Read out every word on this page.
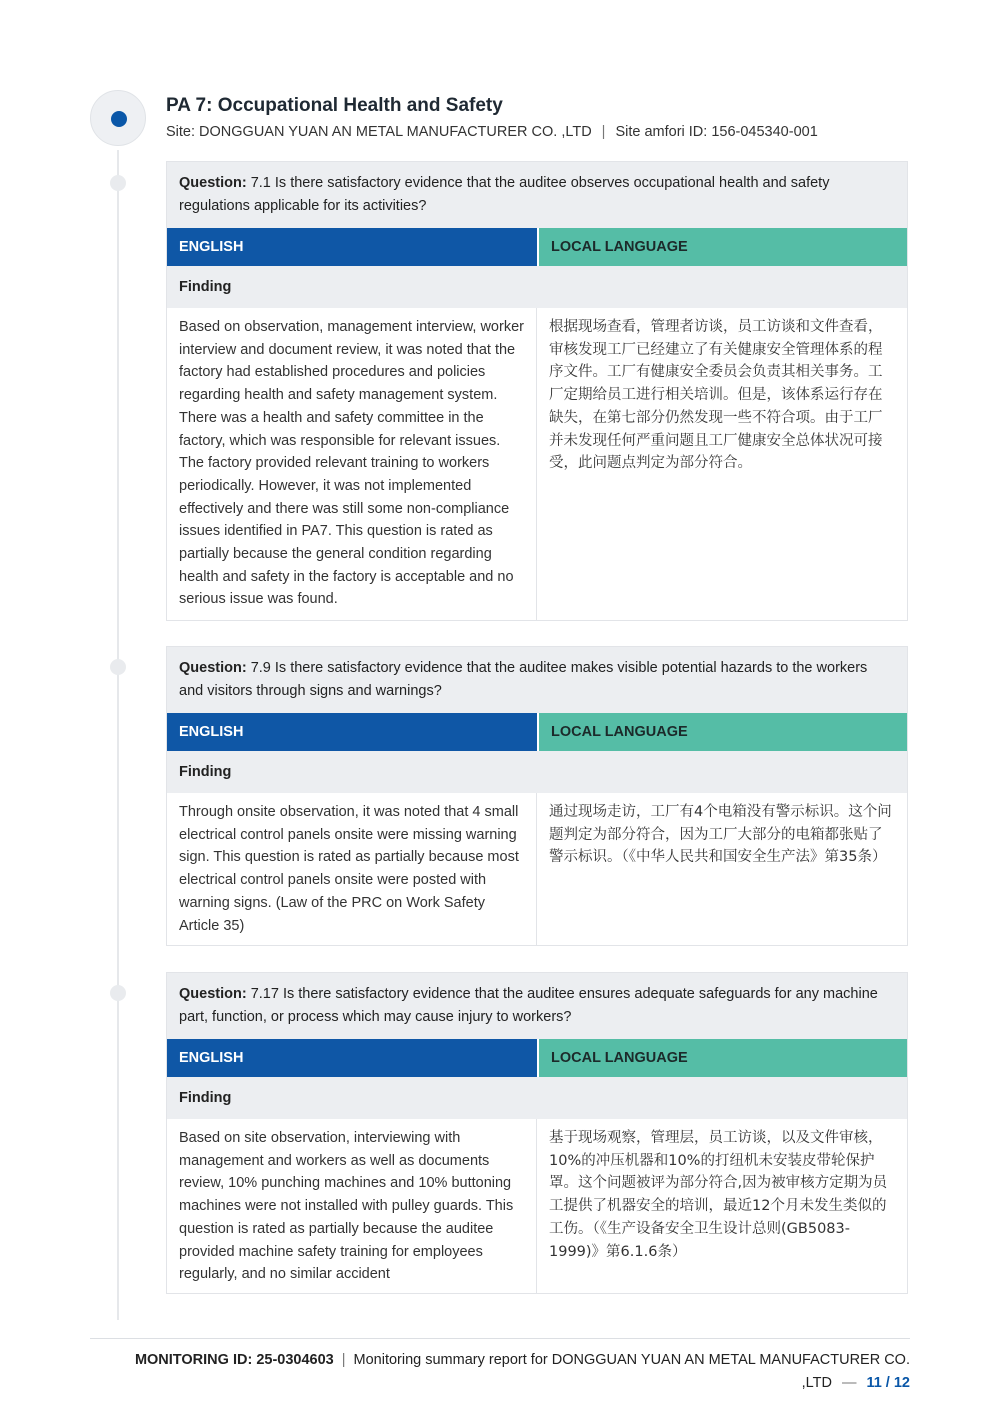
PA 7: Occupational Health and Safety
Site: DONGGUAN YUAN AN METAL MANUFACTURER CO. ,LTD | Site amfori ID: 156-045340-001
Question: 7.1 Is there satisfactory evidence that the auditee observes occupational health and safety regulations applicable for its activities?
ENGLISH	LOCAL LANGUAGE
Finding
Based on observation, management interview, worker interview and document review, it was noted that the factory had established procedures and policies regarding health and safety management system. There was a health and safety committee in the factory, which was responsible for relevant issues. The factory provided relevant training to workers periodically. However, it was not implemented effectively and there was still some non-compliance issues identified in PA7. This question is rated as partially because the general condition regarding health and safety in the factory is acceptable and no serious issue was found.
根据现场查看，管理者访谈，员工访谈和文件查看，审核发现工厂已经建立了有关健康安全管理体系的程序文件。工厂有健康安全委员会负责其相关事务。工厂定期给员工进行相关培训。但是，该体系运行存在缺失，在第七部分仍然发现一些不符合项。由于工厂并未发现任何严重问题且工厂健康安全总体状况可接受，此问题点判定为部分符合。
Question: 7.9 Is there satisfactory evidence that the auditee makes visible potential hazards to the workers and visitors through signs and warnings?
ENGLISH	LOCAL LANGUAGE
Finding
Through onsite observation, it was noted that 4 small electrical control panels onsite were missing warning sign. This question is rated as partially because most electrical control panels onsite were posted with warning signs. (Law of the PRC on Work Safety Article 35)
通过现场走访，工厂有4个电箱没有警示标识。这个问题判定为部分符合，因为工厂大部分的电箱都张贴了警示标识。（《中华人民共和国安全生产法》第35条）
Question: 7.17 Is there satisfactory evidence that the auditee ensures adequate safeguards for any machine part, function, or process which may cause injury to workers?
ENGLISH	LOCAL LANGUAGE
Finding
Based on site observation, interviewing with management and workers as well as documents review, 10% punching machines and 10% buttoning machines were not installed with pulley guards. This question is rated as partially because the auditee provided machine safety training for employees regularly, and no similar accident
基于现场观察，管理层，员工访谈，以及文件审核，10%的冲压机器和10%的打纽机未安装皮带轮保护罩。这个问题被评为部分符合,因为被审核方定期为员工提供了机器安全的培训，最近12个月未发生类似的工伤。（《生产设备安全卫生设计总则(GB5083-1999)》第6.1.6条）
MONITORING ID: 25-0304603 | Monitoring summary report for DONGGUAN YUAN AN METAL MANUFACTURER CO.
,LTD — 11 / 12
